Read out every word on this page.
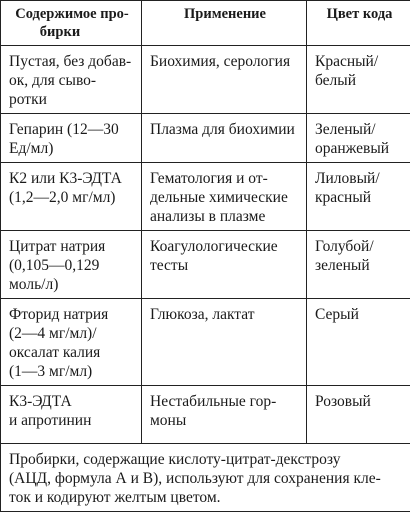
Содержимое про-
бирки	Применение	Цвет кода

Пустая, без добав-
ок, для сыво-
ротки	Биохимия, серология	Красный/
белый

Гепарин (12—30
Ед/мл)	Плазма для биохимии	Зеленый/
оранжевый

К2 или К3-ЭДТА
(1,2—2,0 мг/мл)	Гематология и от-
дельные химические
анализы в плазме	Лиловый/
красный

Цитрат натрия
(0,105—0,129
моль/л)	Коагулологические
тесты	Голубой/
зеленый

Фторид натрия
(2—4 мг/мл)/
оксалат калия
(1—3 мг/мл)	Глюкоза, лактат	Серый

К3-ЭДТА
и апротинин	Нестабильные гор-
моны	Розовый

Пробирки, содержащие кислоту-цитрат-декстрозу
(АЦД, формула А и В), используют для сохранения кле-
ток и кодируют желтым цветом.		
